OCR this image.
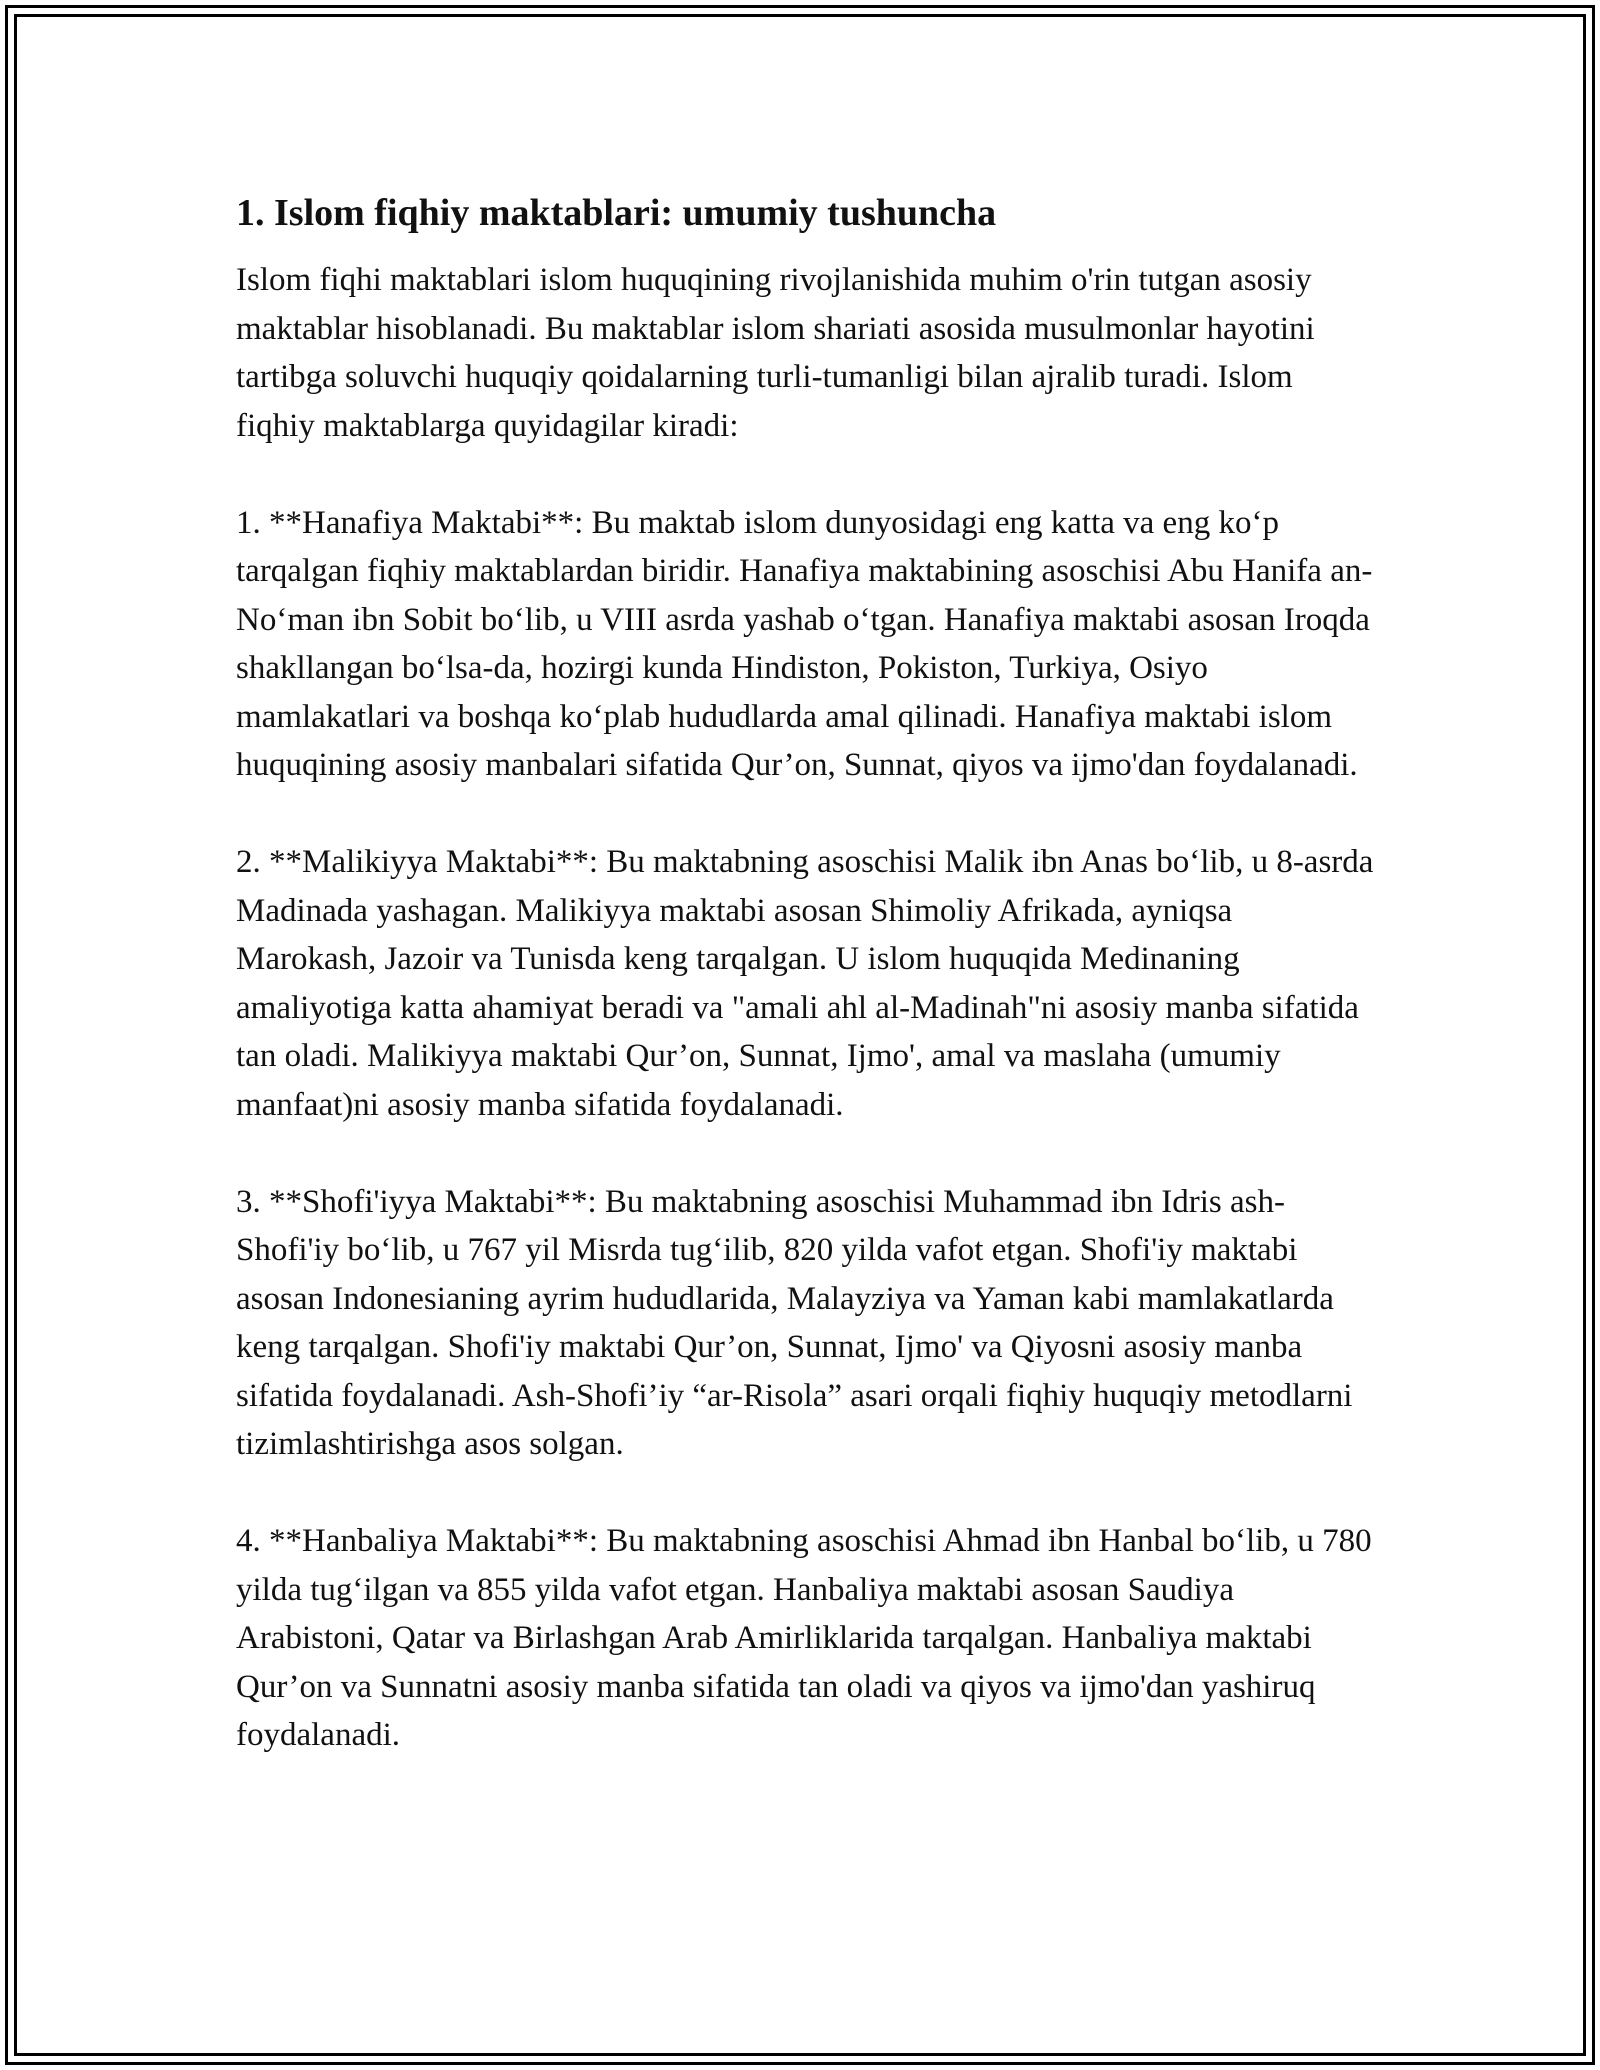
1. Islom fiqhiy maktablari: umumiy tushuncha

Islom fiqhi maktablari islom huquqining rivojlanishida muhim o'rin tutgan asosiy maktablar hisoblanadi. Bu maktablar islom shariati asosida musulmonlar hayotini tartibga soluvchi huquqiy qoidalarning turli-tumanligi bilan ajralib turadi. Islom fiqhiy maktablarga quyidagilar kiradi:

1. **Hanafiya Maktabi**: Bu maktab islom dunyosidagi eng katta va eng koʻp tarqalgan fiqhiy maktablardan biridir. Hanafiya maktabining asoschisi Abu Hanifa an-Noʻman ibn Sobit boʻlib, u VIII asrda yashab oʻtgan. Hanafiya maktabi asosan Iroqda shakllangan boʻlsa-da, hozirgi kunda Hindiston, Pokiston, Turkiya, Osiyo mamlakatlari va boshqa koʻplab hududlarda amal qilinadi. Hanafiya maktabi islom huquqining asosiy manbalari sifatida Qur’on, Sunnat, qiyos va ijmo'dan foydalanadi.

2. **Malikiyya Maktabi**: Bu maktabning asoschisi Malik ibn Anas boʻlib, u 8-asrda Madinada yashagan. Malikiyya maktabi asosan Shimoliy Afrikada, ayniqsa Marokash, Jazoir va Tunisda keng tarqalgan. U islom huquqida Medinaning amaliyotiga katta ahamiyat beradi va "amali ahl al-Madinah"ni asosiy manba sifatida tan oladi. Malikiyya maktabi Qur’on, Sunnat, Ijmo', amal va maslaha (umumiy manfaat)ni asosiy manba sifatida foydalanadi.

3. **Shofi'iyya Maktabi**: Bu maktabning asoschisi Muhammad ibn Idris ash-Shofi'iy boʻlib, u 767 yil Misrda tugʻilib, 820 yilda vafot etgan. Shofi'iy maktabi asosan Indonesianing ayrim hududlarida, Malayziya va Yaman kabi mamlakatlarda keng tarqalgan. Shofi'iy maktabi Qur’on, Sunnat, Ijmo' va Qiyosni asosiy manba sifatida foydalanadi. Ash-Shofi’iy “ar-Risola” asari orqali fiqhiy huquqiy metodlarni tizimlashtirishga asos solgan.

4. **Hanbaliya Maktabi**: Bu maktabning asoschisi Ahmad ibn Hanbal boʻlib, u 780 yilda tugʻilgan va 855 yilda vafot etgan. Hanbaliya maktabi asosan Saudiya Arabistoni, Qatar va Birlashgan Arab Amirliklarida tarqalgan. Hanbaliya maktabi Qur’on va Sunnatni asosiy manba sifatida tan oladi va qiyos va ijmo'dan yashiruq foydalanadi.
